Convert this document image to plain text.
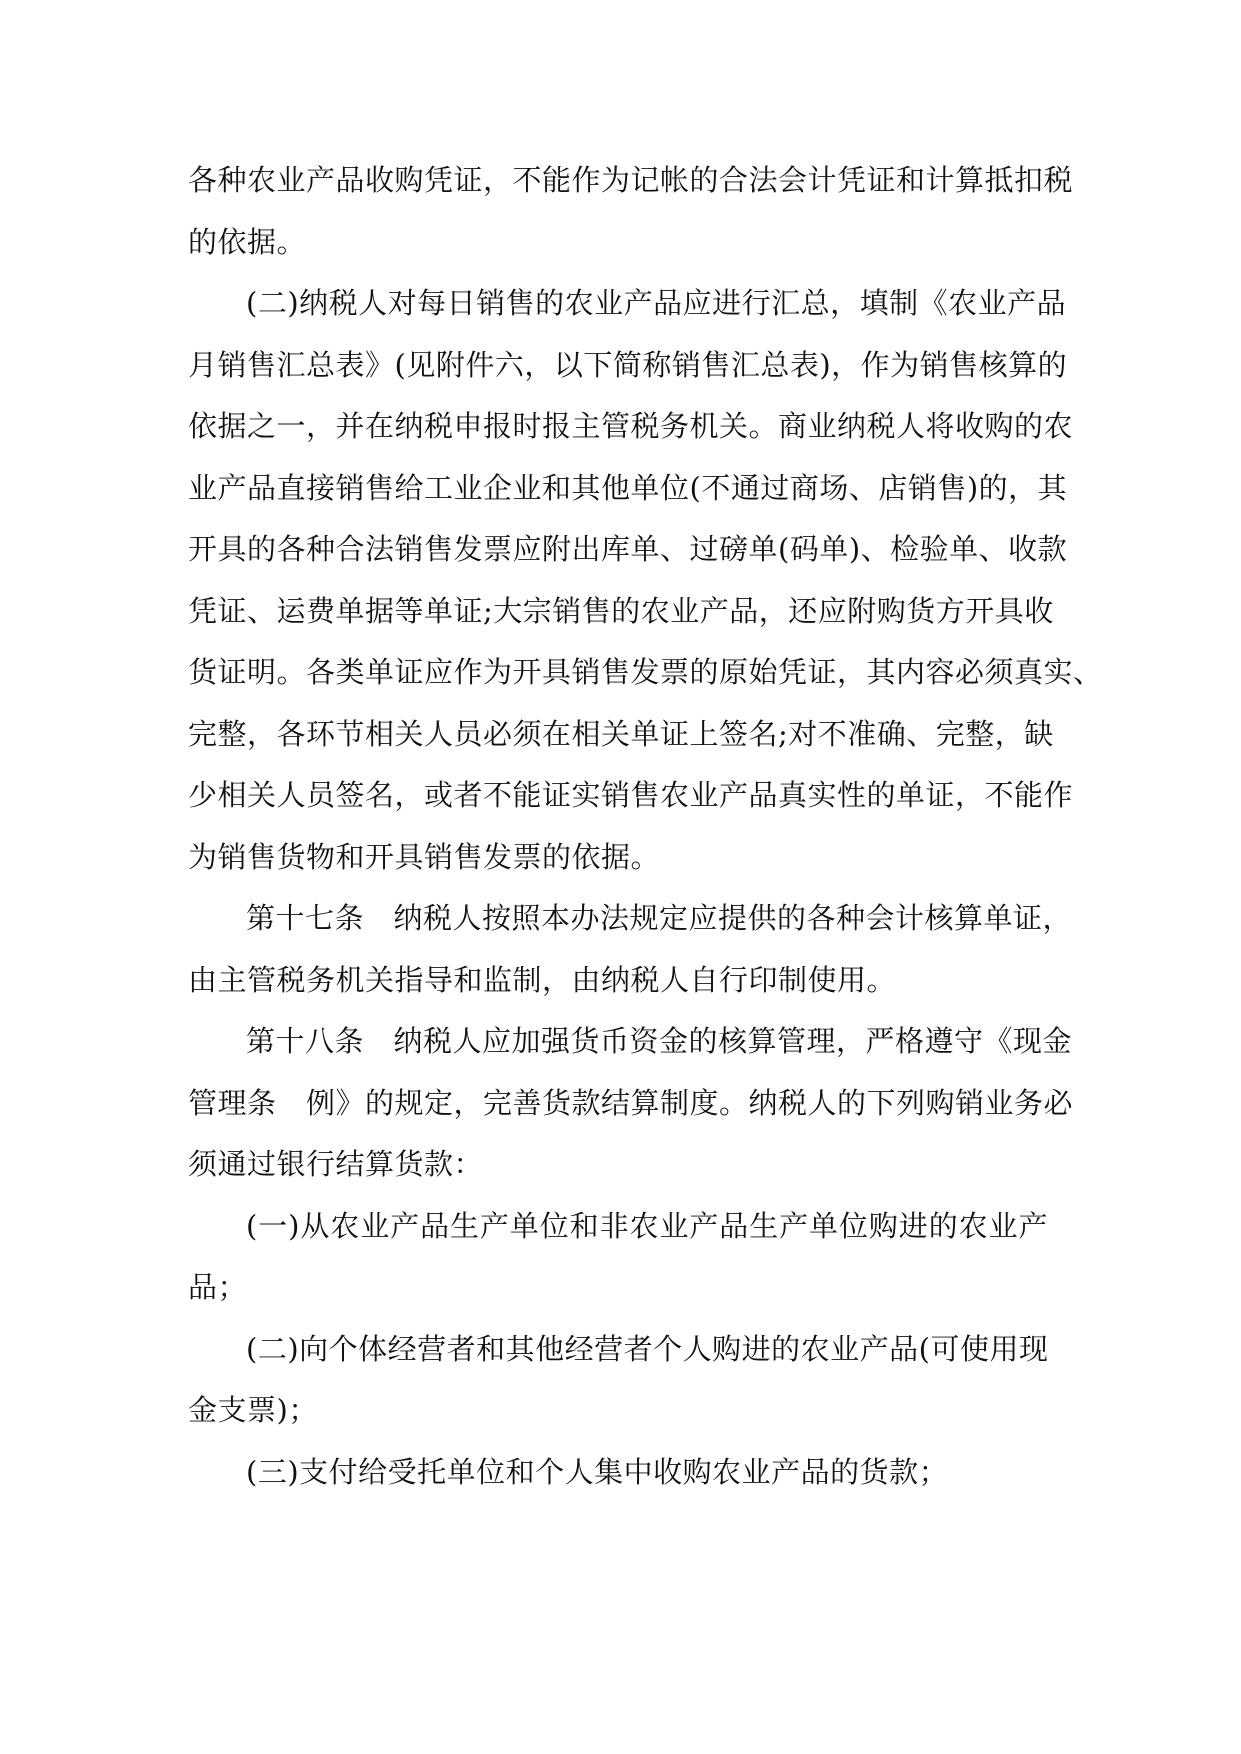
各种农业产品收购凭证，不能作为记帐的合法会计凭证和计算抵扣税
的依据。
(二)纳税人对每日销售的农业产品应进行汇总，填制《农业产品
月销售汇总表》(见附件六，以下简称销售汇总表)，作为销售核算的
依据之一，并在纳税申报时报主管税务机关。商业纳税人将收购的农
业产品直接销售给工业企业和其他单位(不通过商场、店销售)的，其
开具的各种合法销售发票应附出库单、过磅单(码单)、检验单、收款
凭证、运费单据等单证;大宗销售的农业产品，还应附购货方开具收
货证明。各类单证应作为开具销售发票的原始凭证，其内容必须真实、
完整，各环节相关人员必须在相关单证上签名;对不准确、完整，缺
少相关人员签名，或者不能证实销售农业产品真实性的单证，不能作
为销售货物和开具销售发票的依据。
第十七条　纳税人按照本办法规定应提供的各种会计核算单证，
由主管税务机关指导和监制，由纳税人自行印制使用。
第十八条　纳税人应加强货币资金的核算管理，严格遵守《现金
管理条　例》的规定，完善货款结算制度。纳税人的下列购销业务必
须通过银行结算货款：
(一)从农业产品生产单位和非农业产品生产单位购进的农业产
品；
(二)向个体经营者和其他经营者个人购进的农业产品(可使用现
金支票)；
(三)支付给受托单位和个人集中收购农业产品的货款；
